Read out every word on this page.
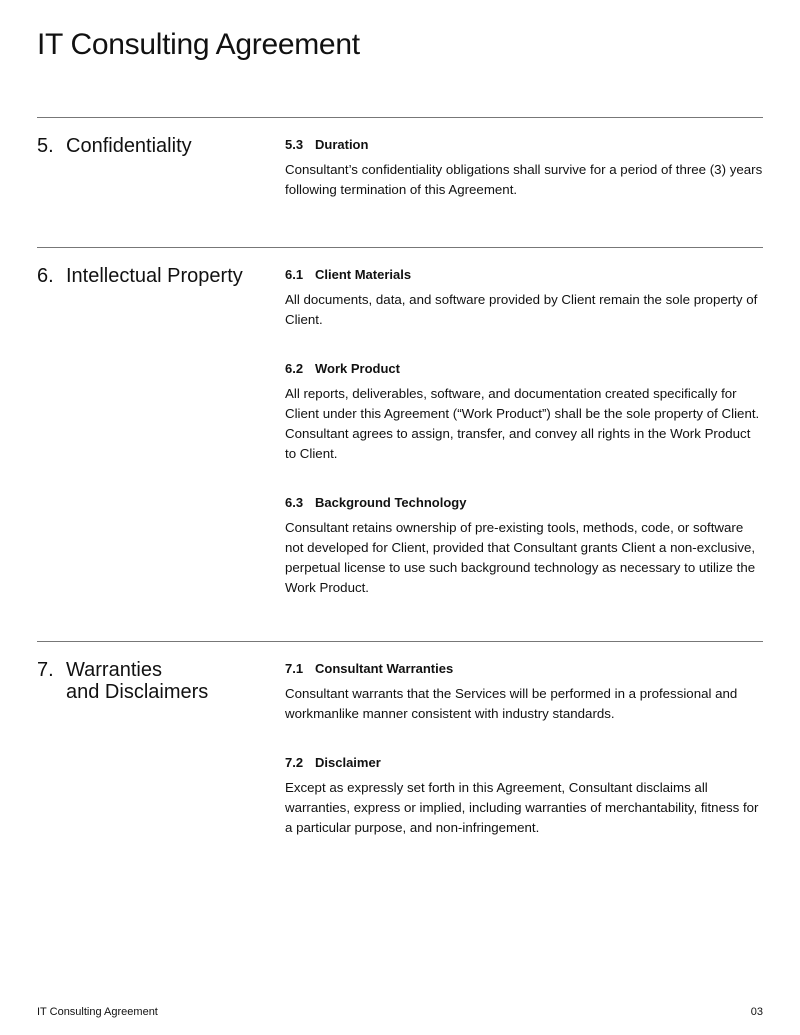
IT Consulting Agreement
5. Confidentiality	5.3 Duration
Consultant’s confidentiality obligations shall survive for a period of three (3) years following termination of this Agreement.
6. Intellectual Property	6.1 Client Materials
All documents, data, and software provided by Client remain the sole property of Client.
6.2 Work Product
All reports, deliverables, software, and documentation created specifically for Client under this Agreement (“Work Product”) shall be the sole property of Client. Consultant agrees to assign, transfer, and convey all rights in the Work Product to Client.
6.3 Background Technology
Consultant retains ownership of pre-existing tools, methods, code, or software not developed for Client, provided that Consultant grants Client a non-exclusive, perpetual license to use such background technology as necessary to utilize the Work Product.
7. Warranties
and Disclaimers
7.1 Consultant Warranties
Consultant warrants that the Services will be performed in a professional and workmanlike manner consistent with industry standards.
7.2 Disclaimer
Except as expressly set forth in this Agreement, Consultant disclaims all warranties, express or implied, including warranties of merchantability, fitness for a particular purpose, and non-infringement.
IT Consulting Agreement	03
